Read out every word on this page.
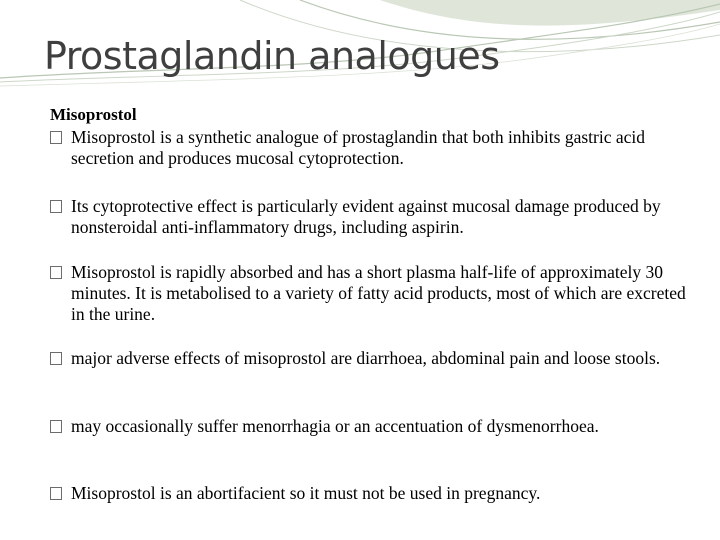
Prostaglandin analogues
Misoprostol
Misoprostol is a synthetic analogue of prostaglandin that both inhibits gastric acid secretion and produces mucosal cytoprotection.
Its cytoprotective effect is particularly evident against mucosal damage produced by nonsteroidal anti-inflammatory drugs, including aspirin.
Misoprostol is rapidly absorbed and has a short plasma half-life of approximately 30 minutes. It is metabolised to a variety of fatty acid products, most of which are excreted in the urine.
major adverse effects of misoprostol are diarrhoea, abdominal pain and loose stools.
may occasionally suffer menorrhagia or an accentuation of dysmenorrhoea.
Misoprostol is an abortifacient so it must not be used in pregnancy.
